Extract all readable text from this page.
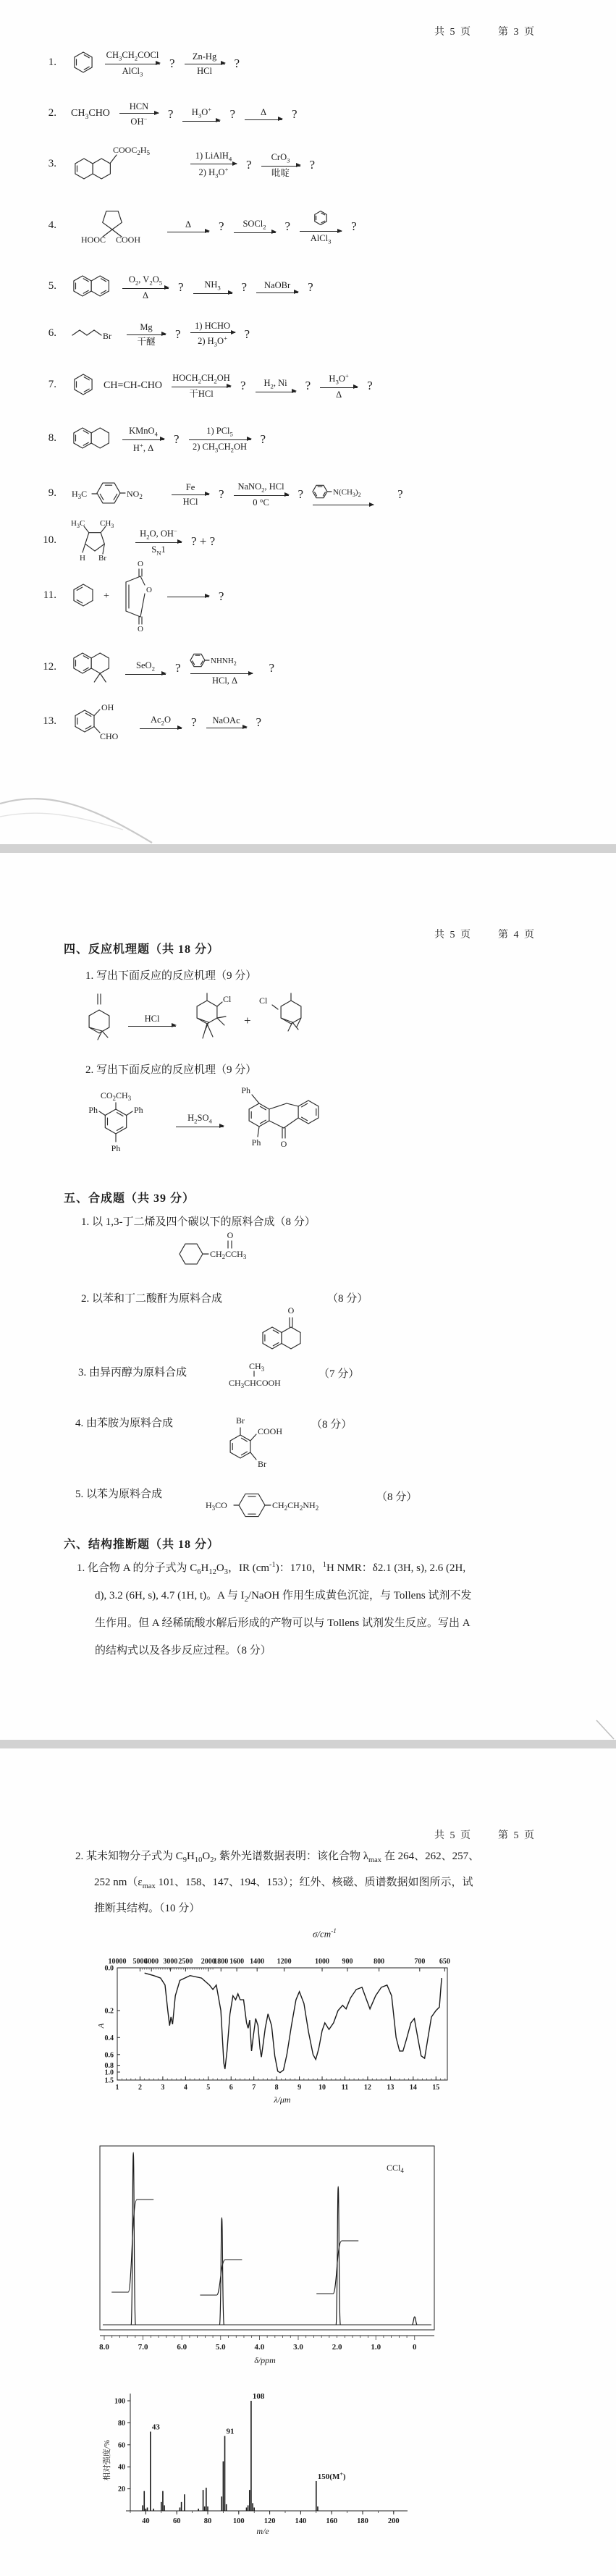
共 5 页	第 3 页
共 5 页	第 4 页
共 5 页	第 5 页
四、反应机理题（共 18 分）
1. 写出下面反应的反应机理（9 分）
2. 写出下面反应的反应机理（9 分）
五、合成题（共 39 分）
1. 以 1,3-丁二烯及四个碳以下的原料合成（8 分）
2. 以苯和丁二酸酐为原料合成	（8 分）
3. 由异丙醇为原料合成	（7 分）
4. 由苯胺为原料合成	（8 分）
5. 以苯为原料合成	（8 分）
六、结构推断题（共 18 分）
1. 化合物 A 的分子式为 $C_6H_{12}O_3$，IR $(cm^{-1})$：1710，$^1$H NMR：δ2.1 (3H, s), 2.6 (2H,
d), 3.2 (6H, s), 4.7 (1H, t)。A 与 $I_2$/NaOH 作用生成黄色沉淀，与 Tollens 试剂不发
生作用。但 A 经稀硫酸水解后形成的产物可以与 Tollens 试剂发生反应。写出 A
的结构式以及各步反应过程。（8 分）
2. 某未知物分子式为 $C_9H_{10}O_2$, 紫外光谱数据表明：该化合物 $\lambda_{max}$ 在 264、262、257、
252 $nm(\varepsilon_{max}$ 101、158、147、194、153）；红外、核磁、质谱数据如图所示，试
推断其结构。（10 分）
$\sigma/cm^{-1}$
1.
$CH_3CH_2COCl$
AlCl$_3$
? Zn-Hg
HCl
?
2. $CH_3CHO$
HCN
OH− ? $H_3O^+$ ?	Δ ?
3.
$COOC_2H_5$	1) LiAlH$_4$
2) $H_3O^+$ ?
CrO$_3$
吡啶
?
4.
HOOC COOH
Δ ? SOCl$_2$ ?
AlCl$_3$
?
5.
$O_2$, $V_2O_5$
Δ
? $NH_3$ ? NaOBr ?
6.	Br
Mg
干醚
?
1) HCHO
2) $H_3O^+$ ?
7.	CH=CH-CHO
$HOCH_2CH_2OH$
干HCl
? $H_2$, Ni ? $H_3O^+$
Δ
?
8.
KMnO$_4$
H+, Δ
?
1) PCl$_5$
2) $CH_3CH_2OH$
?
9. $H_3C$	$NO_2$
Fe
HCl
?
NaNO$_2$, HCl
0 °C
?	$N(CH_3)_2$	?
10.
$H_3C$ $CH_3$
H Br
$H_2O$, OH−
$S_N1$
? + ?
11.	+
O
O
O
→ ?
12.	SeO$_2$ ?
$NHNH_2$
HCl, Δ
?
13.
OH
CHO
$Ac_2O$ ? NaOAc ?
HCl
Cl
+
Cl
$CO_2CH_3$
Ph	Ph
Ph
$H_2SO_4$
Ph
O
Ph
$CH_2CCH_3$
O
O
$CH_3$
$CH_3CHCOOH$
Br
COOH
Br
$H_3CO$	$CH_2CH_2NH_2$
10000 5000
4000 3000 2500 2000
1800 1600 1400 1200	1000 900	800	700 650
1	2	3	4	5	6	7	8	9 10 11 12 13 14 15
0.0
0.2
0.4
0.6
0.8
1.0
1.5
A
λ/μm
CCl$_4$
8.0	7.0	6.0	5.0	4.0	3.0	2.0	1.0	0
δ/ppm
20
40
60
80
100
相对强度/%
40	60	80	100	120	140	160	180	200
43
91
108
150(M+)
m/e
